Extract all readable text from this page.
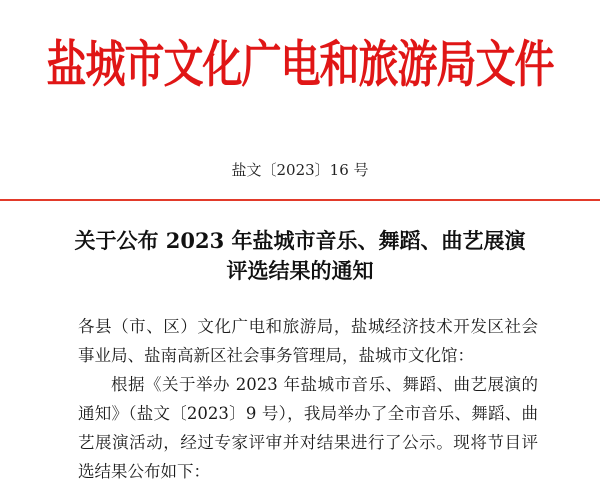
盐城市文化广电和旅游局文件
盐文〔2023〕16 号
关于公布 2023 年盐城市音乐、舞蹈、曲艺展演
评选结果的通知

各县（市、区）文化广电和旅游局，盐城经济技术开发区社会事业局、盐南高新区社会事务管理局，盐城市文化馆：

根据《关于举办 2023 年盐城市音乐、舞蹈、曲艺展演的通知》（盐文〔2023〕9 号），我局举办了全市音乐、舞蹈、曲艺展演活动，经过专家评审并对结果进行了公示。现将节目评选结果公布如下：
